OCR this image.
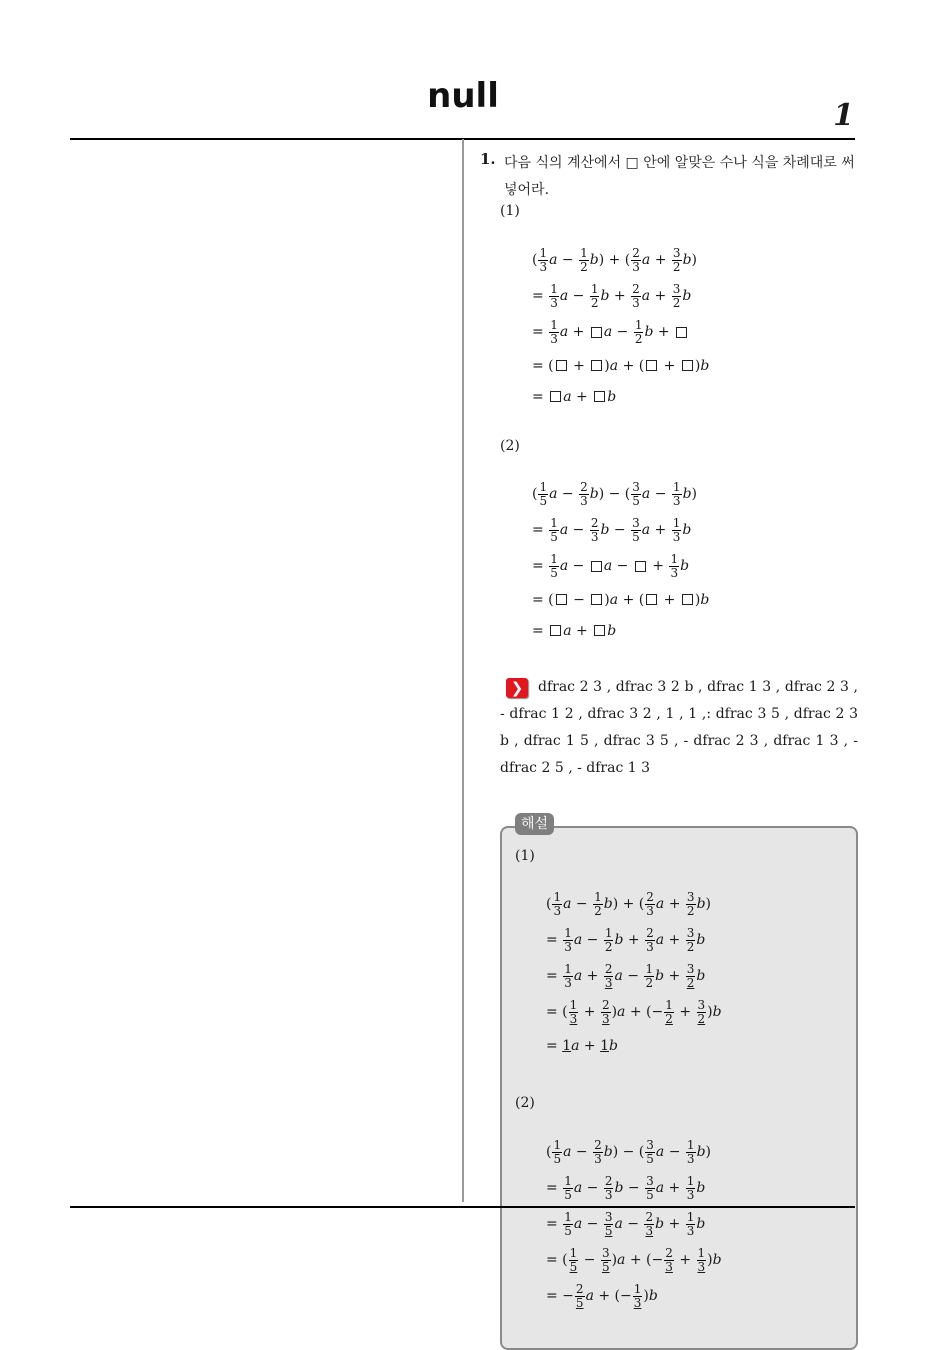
null	1
1. 다음 식의 계산에서 □ 안에 알맞은 수나 식을 차례대로 써넣어라.
(1)
( $\frac{1}{3}$ $a - \frac{1}{2}$ b ) + ( $\frac{2}{3}$ $a + \frac{3}{2}$ b )
= $\frac{1}{3}$ $a - \frac{1}{2}$ $b + \frac{2}{3}$ $a + \frac{3}{2}$ b
= $\frac{1}{3}$ $a + a - \frac{1}{2}$ b +
= (
+
) a + (
+
) b
= a + b
(2)
( $\frac{1}{5}$ $a - \frac{2}{3}$ b ) − ( $\frac{3}{5}$ $a - \frac{1}{3}$ b )
= $\frac{1}{5}$ $a - \frac{2}{3}$ $b - \frac{3}{5}$ $a + \frac{1}{3}$ b
= $\frac{1}{5}$ a − a −
+ $\frac{1}{3}$ b
= (
−
) a + (
+
) b
= a + b
dfrac 2 3 , dfrac 3 2 b , dfrac 1 3 , dfrac 2 3 , - dfrac 1 2 , dfrac 3 2 , 1 , 1 ,: dfrac 3 5 , dfrac 2 3 b , dfrac 1 5 , dfrac 3 5 , - dfrac 2 3 , dfrac 1 3 , - dfrac 2 5 , - dfrac 1 3
❯
해설
(1)
( $\frac{1}{3}$ $a - \frac{1}{2}$ b ) + ( $\frac{2}{3}$ $a + \frac{3}{2}$ b )
= $\frac{1}{3}$ $a - \frac{1}{2}$ $b + \frac{2}{3}$ $a + \frac{3}{2}$ b
= $\frac{1}{3}$ $a + \frac{2}{3}$ $a - \frac{1}{2}$ $b + \frac{3}{2}$ b
= ( $\frac{1}{3} + \frac{2}{3}$ ) a + (− $\frac{1}{2} + \frac{3}{2}$ ) b
= 1 a + 1 b
(2)
( $\frac{1}{5}$ $a - \frac{2}{3}$ b ) − ( $\frac{3}{5}$ $a - \frac{1}{3}$ b )
= $\frac{1}{5}$ $a - \frac{2}{3}$ $b - \frac{3}{5}$ $a + \frac{1}{3}$ b
= $\frac{1}{5}$ $a - \frac{3}{5}$ $a - \frac{2}{3}$ $b + \frac{1}{3}$ b
= ( $\frac{1}{5} - \frac{3}{5}$ ) a + (− $\frac{2}{3} + \frac{1}{3}$ ) b
= − $\frac{2}{5}$ a + (− $\frac{1}{3}$ ) b
